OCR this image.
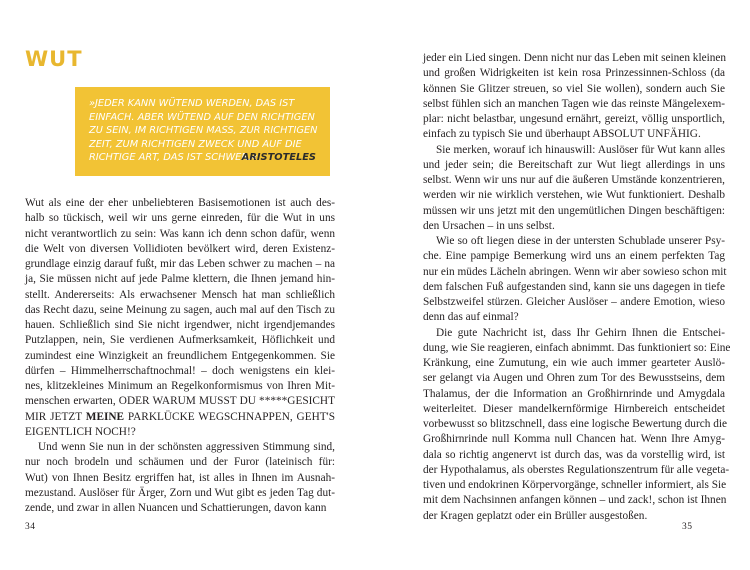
WUT
»JEDER KANN WÜTEND WERDEN, DAS IST EINFACH. ABER WÜTEND AUF DEN RICHTIGEN ZU SEIN, IM RICHTIGEN MASS, ZUR RICHTIGEN ZEIT, ZUM RICHTIGEN ZWECK UND AUF DIE RICHTIGE ART, DAS IST SCHWER.«
ARISTOTELES
Wut als eine der eher unbeliebteren Basisemotionen ist auch des-
halb so tückisch, weil wir uns gerne einreden, für die Wut in uns
nicht verantwortlich zu sein: Was kann ich denn schon dafür, wenn
die Welt von diversen Vollidioten bevölkert wird, deren Existenz-
grundlage einzig darauf fußt, mir das Leben schwer zu machen – na
ja, Sie müssen nicht auf jede Palme klettern, die Ihnen jemand hin-
stellt. Andererseits: Als erwachsener Mensch hat man schließlich
das Recht dazu, seine Meinung zu sagen, auch mal auf den Tisch zu
hauen. Schließlich sind Sie nicht irgendwer, nicht irgendjemandes
Putzlappen, nein, Sie verdienen Aufmerksamkeit, Höflichkeit und
zumindest eine Winzigkeit an freundlichem Entgegenkommen. Sie
dürfen – Himmelherrschaftnochmal! – doch wenigstens ein klei-
nes, klitzekleines Minimum an Regelkonformismus von Ihren Mit-
menschen erwarten, ODER WARUM MUSST DU *****GESICHT
MIR JETZT MEINE PARKLÜCKE WEGSCHNAPPEN, GEHT'S
EIGENTLICH NOCH!?
Und wenn Sie nun in der schönsten aggressiven Stimmung sind,
nur noch brodeln und schäumen und der Furor (lateinisch für:
Wut) von Ihnen Besitz ergriffen hat, ist alles in Ihnen im Ausnah-
mezustand. Auslöser für Ärger, Zorn und Wut gibt es jeden Tag dut-
zende, und zwar in allen Nuancen und Schattierungen, davon kann
34
jeder ein Lied singen. Denn nicht nur das Leben mit seinen kleinen
und großen Widrigkeiten ist kein rosa Prinzessinnen-Schloss (da
können Sie Glitzer streuen, so viel Sie wollen), sondern auch Sie
selbst fühlen sich an manchen Tagen wie das reinste Mängelexem-
plar: nicht belastbar, ungesund ernährt, gereizt, völlig unsportlich,
einfach zu typisch Sie und überhaupt ABSOLUT UNFÄHIG.
Sie merken, worauf ich hinauswill: Auslöser für Wut kann alles
und jeder sein; die Bereitschaft zur Wut liegt allerdings in uns
selbst. Wenn wir uns nur auf die äußeren Umstände konzentrieren,
werden wir nie wirklich verstehen, wie Wut funktioniert. Deshalb
müssen wir uns jetzt mit den ungemütlichen Dingen beschäftigen:
den Ursachen – in uns selbst.
Wie so oft liegen diese in der untersten Schublade unserer Psy-
che. Eine pampige Bemerkung wird uns an einem perfekten Tag
nur ein müdes Lächeln abringen. Wenn wir aber sowieso schon mit
dem falschen Fuß aufgestanden sind, kann sie uns dagegen in tiefe
Selbstzweifel stürzen. Gleicher Auslöser – andere Emotion, wieso
denn das auf einmal?
Die gute Nachricht ist, dass Ihr Gehirn Ihnen die Entschei-
dung, wie Sie reagieren, einfach abnimmt. Das funktioniert so: Eine
Kränkung, eine Zumutung, ein wie auch immer gearteter Auslö-
ser gelangt via Augen und Ohren zum Tor des Bewusstseins, dem
Thalamus, der die Information an Großhirnrinde und Amygdala
weiterleitet. Dieser mandelkernförmige Hirnbereich entscheidet
vorbewusst so blitzschnell, dass eine logische Bewertung durch die
Großhirnrinde null Komma null Chancen hat. Wenn Ihre Amyg-
dala so richtig angenervt ist durch das, was da vorstellig wird, ist
der Hypothalamus, als oberstes Regulationszentrum für alle vegeta-
tiven und endokrinen Körpervorgänge, schneller informiert, als Sie
mit dem Nachsinnen anfangen können – und zack!, schon ist Ihnen
der Kragen geplatzt oder ein Brüller ausgestoßen.
35
